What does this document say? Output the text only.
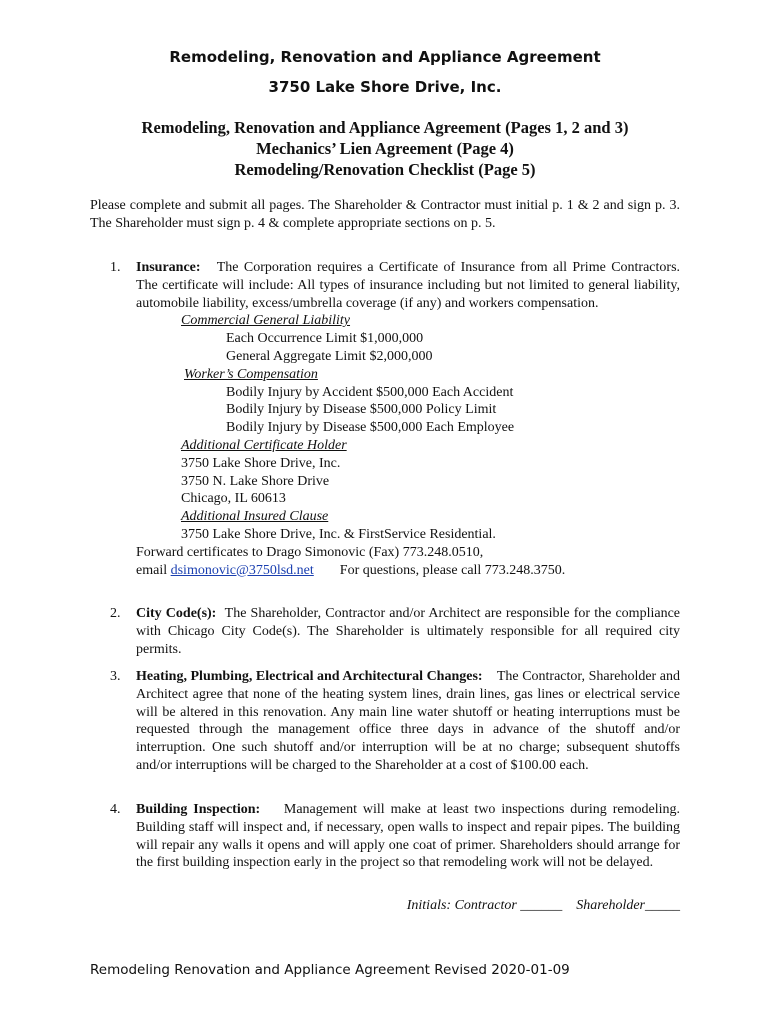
Remodeling, Renovation and Appliance Agreement
3750 Lake Shore Drive, Inc.
Remodeling, Renovation and Appliance Agreement (Pages 1, 2 and 3)
Mechanics’ Lien Agreement (Page 4)
Remodeling/Renovation Checklist (Page 5)
Please complete and submit all pages. The Shareholder & Contractor must initial p. 1 & 2 and sign p. 3. The Shareholder must sign p. 4 & complete appropriate sections on p. 5.
1.	Insurance: The Corporation requires a Certificate of Insurance from all Prime Contractors. The certificate will include: All types of insurance including but not limited to general liability, automobile liability, excess/umbrella coverage (if any) and workers compensation.
Commercial General Liability
Each Occurrence Limit $1,000,000
General Aggregate Limit $2,000,000
Worker’s Compensation
Bodily Injury by Accident $500,000 Each Accident
Bodily Injury by Disease $500,000 Policy Limit
Bodily Injury by Disease $500,000 Each Employee
Additional Certificate Holder
3750 Lake Shore Drive, Inc.
3750 N. Lake Shore Drive
Chicago, IL 60613
Additional Insured Clause
3750 Lake Shore Drive, Inc. & FirstService Residential.
Forward certificates to Drago Simonovic (Fax) 773.248.0510,
email dsimonovic@3750lsd.net For questions, please call 773.248.3750.
2.	City Code(s): The Shareholder, Contractor and/or Architect are responsible for the compliance with Chicago City Code(s). The Shareholder is ultimately responsible for all required city permits.
3.	Heating, Plumbing, Electrical and Architectural Changes: The Contractor, Shareholder and Architect agree that none of the heating system lines, drain lines, gas lines or electrical service will be altered in this renovation. Any main line water shutoff or heating interruptions must be requested through the management office three days in advance of the shutoff and/or interruption. One such shutoff and/or interruption will be at no charge; subsequent shutoffs and/or interruptions will be charged to the Shareholder at a cost of $100.00 each.
4.	Building Inspection: Management will make at least two inspections during remodeling. Building staff will inspect and, if necessary, open walls to inspect and repair pipes. The building will repair any walls it opens and will apply one coat of primer. Shareholders should arrange for the first building inspection early in the project so that remodeling work will not be delayed.
Initials: Contractor ______ Shareholder_____
Remodeling Renovation and Appliance Agreement Revised 2020-01-09
